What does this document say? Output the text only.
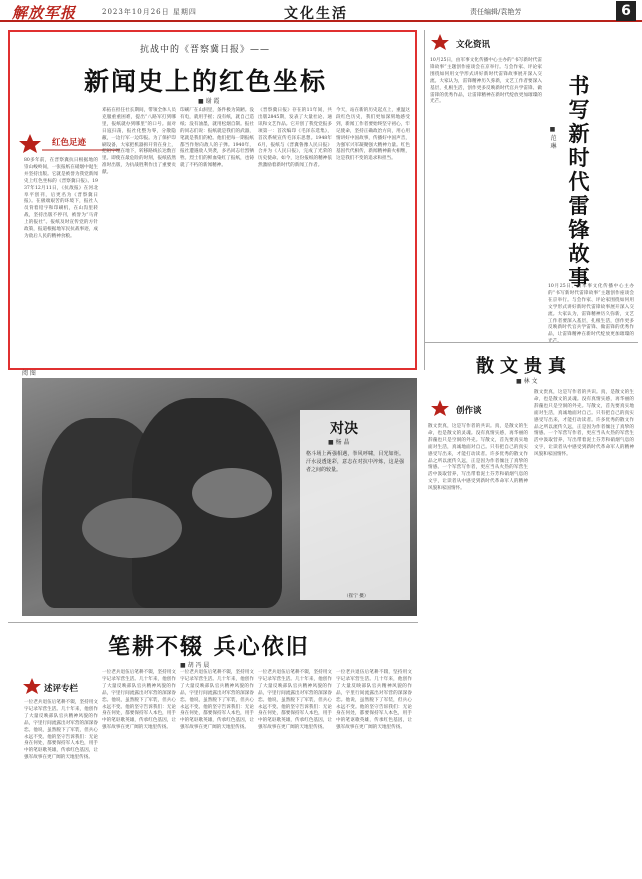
解放军报	2023年10月26日 星期四	文化生活	责任编辑/袁艳芳	6
抗战中的《晋察冀日报》——
新闻史上的红色坐标
■ 谢 霞
红色足迹
80多年前，在晋察冀抗日根据地的崇山峻岭间，一张报纸在硝烟中诞生并坚持出版。它就是被誉为我党新闻史上红色坐标的《晋察冀日报》。1937年12月11日，《抗敌报》在河北阜平创刊，后更名为《晋察冀日报》。在极端艰苦的环境下，报社人员背着铅字和印刷机，在山沟里转战，坚持出版不停刊，被誉为“马背上的报社”。报纸及时宣传党的方针政策，报道根据地军民抗战事迹，成为敌后人民的精神食粮。
邓拓在担任社长期间，带领全体人员克服重重困难，提出“八路军打到哪里，报纸就办到哪里”的口号。面对日寇扫荡，报社化整为零，分散隐蔽，一边行军一边印报。为了保护印刷设备，大家把机器拆开背在身上，把铅字埋在地下，转移路线长达数百里。即使在最危险的时刻，报纸依然准时出版，为抗战胜利作出了重要贡献。
印刷厂在山洞里，条件极为简陋。没有电，就用手摇；没有纸，就自己造纸；没有油墨，就用松烟自制。报社的同志们说：报纸就是我们的武器，笔就是我们的枪。他们把每一期报纸都当作射向敌人的子弹。1940年，报社遭遇敌人突袭，多名同志壮烈牺牲。烈士们的鲜血染红了报纸，也铸就了不朽的新闻精神。
《晋察冀日报》存在的11年间，共出版2845期，发表了大量社论、通讯和文艺作品。它开创了我党党报多项第一：首次编印《毛泽东选集》，首次系统宣传毛泽东思想。1948年6月，报纸与《晋冀鲁豫人民日报》合并为《人民日报》，完成了光荣的历史使命。如今，这份报纸的精神依然激励着新时代的新闻工作者。
今天，站在新的历史起点上，重温这段红色历史，我们更加深刻地感受到，新闻工作者要始终坚守初心，牢记使命，坚持正确政治方向，用心用情讲好中国故事，传播好中国声音，为强军兴军凝聚强大精神力量。红色基因代代相传，新闻精神薪火相继，这是我们不变的追求和担当。
文化资讯
10月25日，由军事文化传播中心主办的“书写新时代雷锋故事”主题创作座谈会在京举行。与会作家、评论家围绕如何用文学形式讲好新时代雷锋故事展开深入交流。大家认为，雷锋精神历久弥新，文艺工作者要深入基层，扎根生活，创作更多反映新时代官兵学雷锋、做雷锋的优秀作品，让雷锋精神在新时代绽放更加璀璨的光芒。
书写新时代雷锋故事
■ 范 琳
10月25日，由军事文化传播中心主办的“书写新时代雷锋故事”主题创作座谈会在京举行。与会作家、评论家围绕如何用文学形式讲好新时代雷锋故事展开深入交流。大家认为，雷锋精神历久弥新，文艺工作者要深入基层，扎根生活，创作更多反映新时代官兵学雷锋、做雷锋的优秀作品，让雷锋精神在新时代绽放更加璀璨的
散文贵真
■ 林 文
创作谈
散文贵真，这是写作者的共识。真，是散文的生命，也是散文的灵魂。没有真情实感，再华丽的辞藻也只是空洞的外壳。写散文，首先要真实地面对生活，真诚地面对自己。只有把自己的真实感受写出来，才能打动读者。许多优秀的散文作品之所以流传久远，正是因为作者倾注了真挚的情感。一个军营写作者，更应当从火热的军营生活中汲取营养，写出带着泥土芬芳和硝烟气息的文字，让读者从中感受到新时代革命军人的精神风貌和家国情怀。
散文贵真，这是写作者的共识。真，是散文的生命，也是散文的灵魂。没有真情实感，再华丽的辞藻也只是空洞的外壳。写散文，首先要真实地面对生活，真诚地面对自己。只有把自己的真实感受写出来，才能打动读者。许多优秀的散文作品之所以流传久远，正是因为作者倾注了真挚的情感。一个军营写作者，更应当从火热的军营生活中汲取营养，写出带着泥土芬芳和硝烟气息的文字，让读者从中感受到新时代革命军人的精神风貌和家国情怀。
阅 图
对决
■ 杨 晶
格斗场上两强相遇，拳风呼啸，目光如炬。汗水浸透迷彩，意志在对抗中淬炼，这是强者之间的较量。
（崔宁 摄）
笔耕不辍 兵心依旧
■ 胡 冯 晨
述评专栏
一位老兵退伍后笔耕不辍，坚持用文字记录军营生活。几十年来，他创作了大量反映部队官兵精神风貌的作品，字里行间流露出对军营的深深眷恋。他说，虽然脱下了军装，但兵心永远不变。他的坚守告诉我们：无论身在何处，都要保持军人本色，用手中的笔讴歌英雄，传承红色基因，让强军故事在更广阔的天地里传扬。
一位老兵退伍后笔耕不辍，坚持用文字记录军营生活。几十年来，他创作了大量反映部队官兵精神风貌的作品，字里行间流露出对军营的深深眷恋。他说，虽然脱下了军装，但兵心永远不变。他的坚守告诉我们：无论身在何处，都要保持军人本色，用手中的笔讴歌英雄，传承红色基因，让强军故事在更广阔的天地里传扬。
一位老兵退伍后笔耕不辍，坚持用文字记录军营生活。几十年来，他创作了大量反映部队官兵精神风貌的作品，字里行间流露出对军营的深深眷恋。他说，虽然脱下了军装，但兵心永远不变。他的坚守告诉我们：无论身在何处，都要保持军人本色，用手中的笔讴歌英雄，传承红色基因，让强军故事在更广阔的天地里传扬。
一位老兵退伍后笔耕不辍，坚持用文字记录军营生活。几十年来，他创作了大量反映部队官兵精神风貌的作品，字里行间流露出对军营的深深眷恋。他说，虽然脱下了军装，但兵心永远不变。他的坚守告诉我们：无论身在何处，都要保持军人本色，用手中的笔讴歌英雄，传承红色基因，让强军故事在更广阔的天地里传扬。
一位老兵退伍后笔耕不辍，坚持用文字记录军营生活。几十年来，他创作了大量反映部队官兵精神风貌的作品，字里行间流露出对军营的深深眷恋。他说，虽然脱下了军装，但兵心永远不变。他的坚守告诉我们：无论身在何处，都要保持军人本色，用手中的笔讴歌英雄，传承红色基因，让强军故事在更广阔的天地里传扬。
